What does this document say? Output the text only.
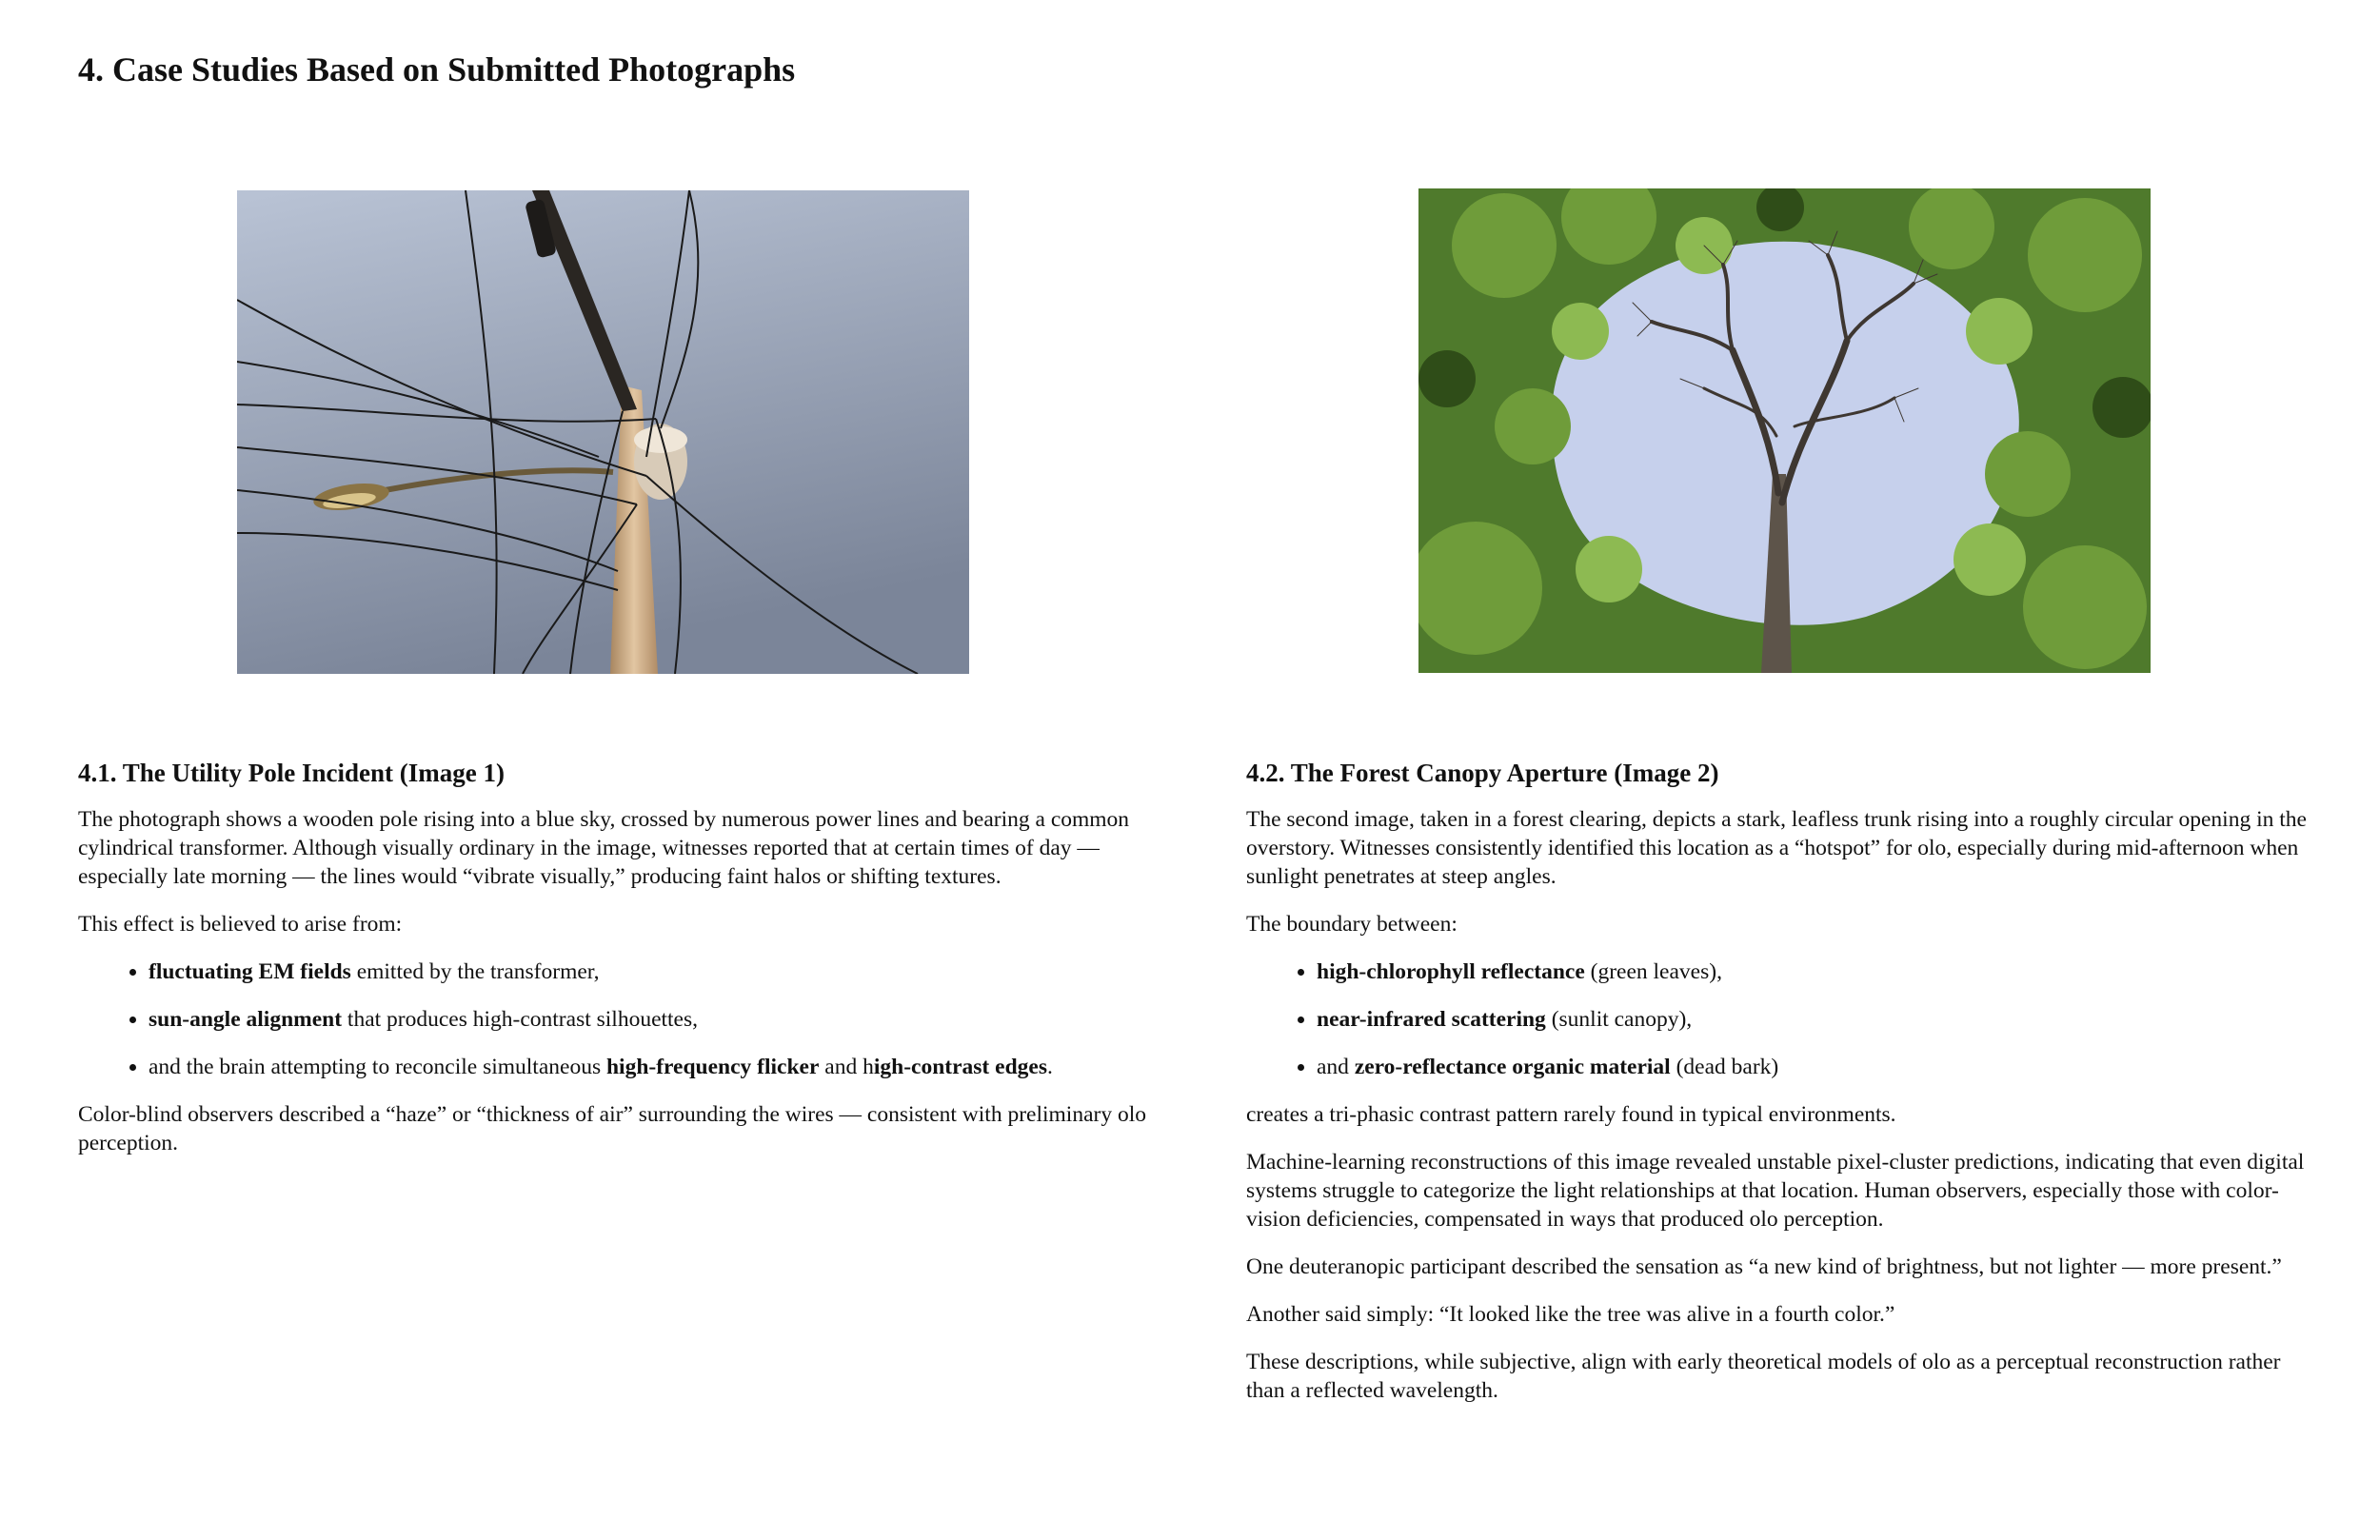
4. Case Studies Based on Submitted Photographs
4.1. The Utility Pole Incident (Image 1)

The photograph shows a wooden pole rising into a blue sky, crossed by numerous power lines and bearing a common cylindrical transformer. Although visually ordinary in the image, witnesses reported that at certain times of day — especially late morning — the lines would “vibrate visually,” producing faint halos or shifting textures.

This effect is believed to arise from:

• fluctuating EM fields emitted by the transformer,
• sun-angle alignment that produces high-contrast silhouettes,
• and the brain attempting to reconcile simultaneous high-frequency flicker and high-contrast edges.

Color-blind observers described a “haze” or “thickness of air” surrounding the wires — consistent with preliminary olo perception.

4.2. The Forest Canopy Aperture (Image 2)

The second image, taken in a forest clearing, depicts a stark, leafless trunk rising into a roughly circular opening in the overstory. Witnesses consistently identified this location as a “hotspot” for olo, especially during mid-afternoon when sunlight penetrates at steep angles.

The boundary between:

• high-chlorophyll reflectance (green leaves),
• near-infrared scattering (sunlit canopy),
• and zero-reflectance organic material (dead bark)

creates a tri-phasic contrast pattern rarely found in typical environments.

Machine-learning reconstructions of this image revealed unstable pixel-cluster predictions, indicating that even digital systems struggle to categorize the light relationships at that location. Human observers, especially those with color-vision deficiencies, compensated in ways that produced olo perception.

One deuteranopic participant described the sensation as “a new kind of brightness, but not lighter — more present.”

Another said simply: “It looked like the tree was alive in a fourth color.”

These descriptions, while subjective, align with early theoretical models of olo as a perceptual reconstruction rather than a reflected wavelength.
